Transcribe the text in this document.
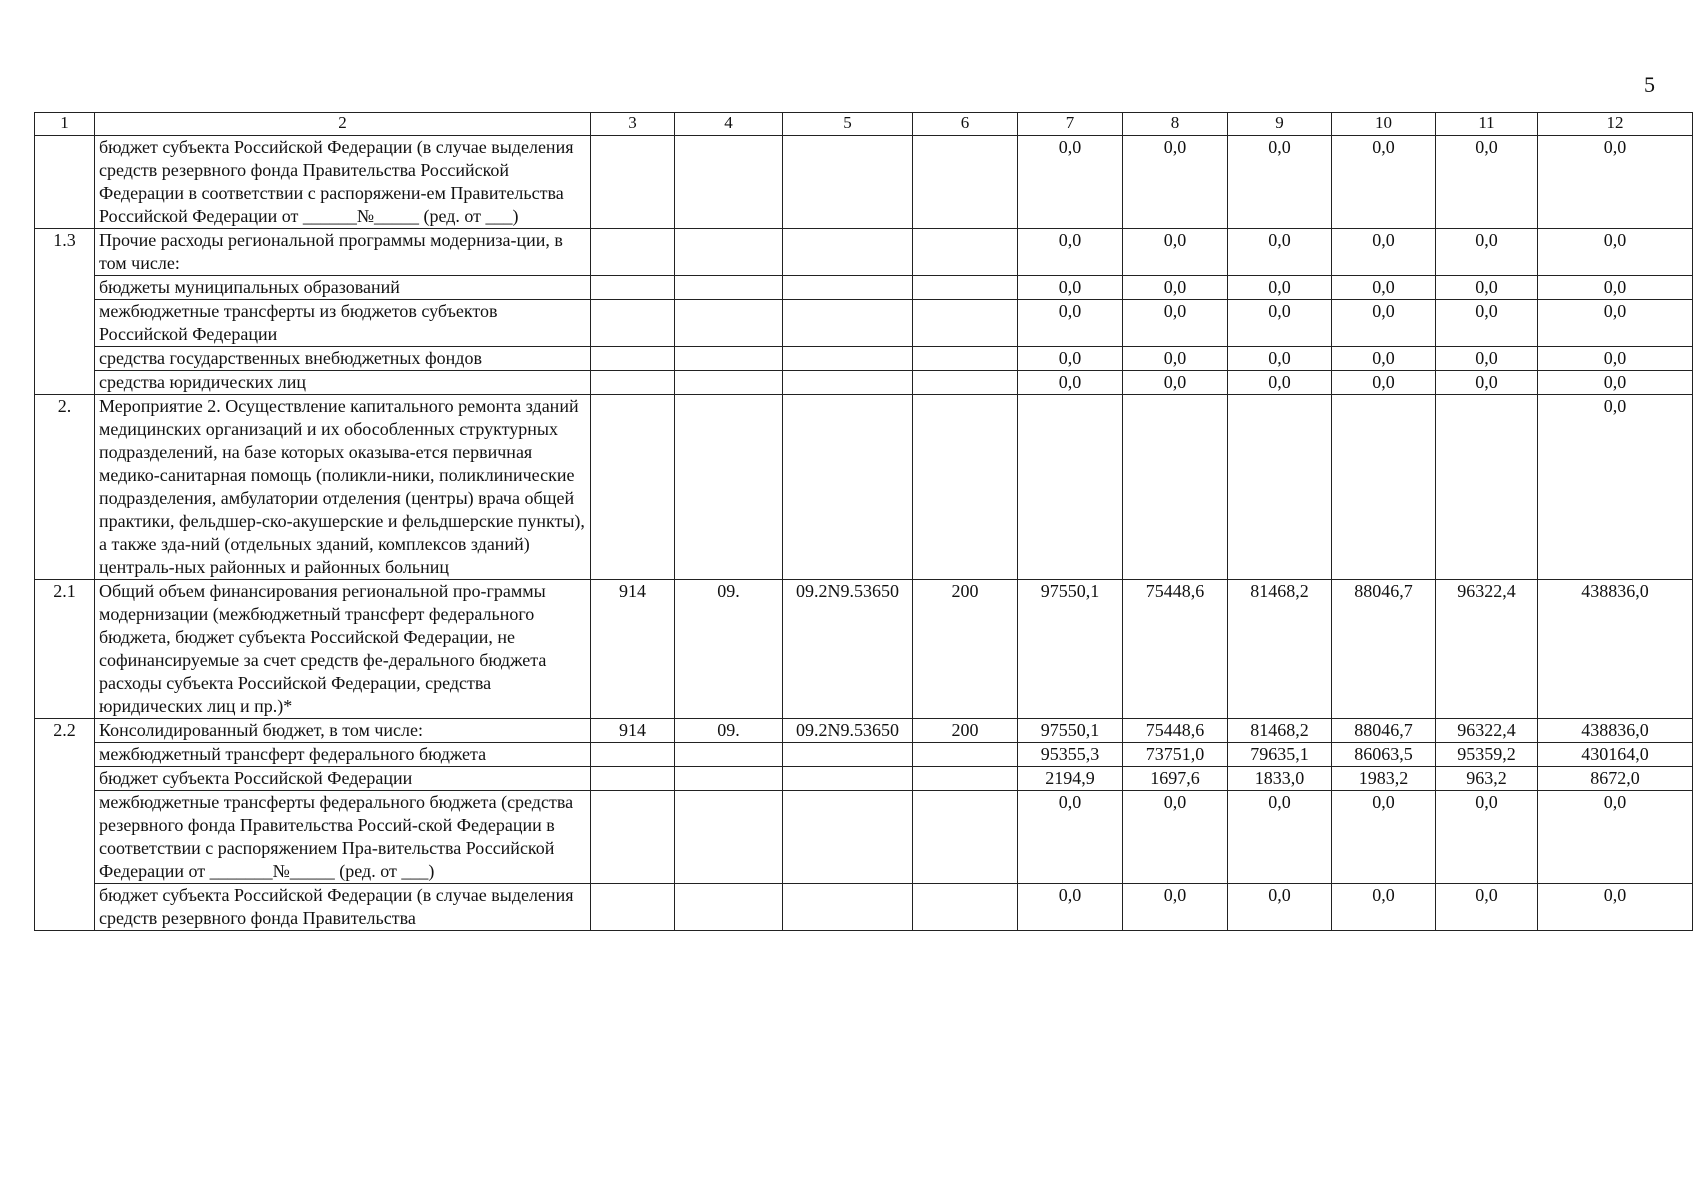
5
1	2	3	4	5	6	7	8	9	10	11	12
	бюджет субъекта Российской Федерации (в случае выделения средств резервного фонда Правительства Российской Федерации в соответствии с распоряжени-ем Правительства Российской Федерации от ______№_____ (ред. от ___)					0,0	0,0	0,0	0,0	0,0	0,0
1.3	Прочие расходы региональной программы модерниза-ции, в том числе:					0,0	0,0	0,0	0,0	0,0	0,0
	бюджеты муниципальных образований					0,0	0,0	0,0	0,0	0,0	0,0
	межбюджетные трансферты из бюджетов субъектов Российской Федерации					0,0	0,0	0,0	0,0	0,0	0,0
	средства государственных внебюджетных фондов					0,0	0,0	0,0	0,0	0,0	0,0
	средства юридических лиц					0,0	0,0	0,0	0,0	0,0	0,0
2.	Мероприятие 2. Осуществление капитального ремонта зданий медицинских организаций и их обособленных структурных подразделений, на базе которых оказыва-ется первичная медико-санитарная помощь (поликли-ники, поликлинические подразделения, амбулатории отделения (центры) врача общей практики, фельдшер-ско-акушерские и фельдшерские пункты), а также зда-ний (отдельных зданий, комплексов зданий) централь-ных районных и районных больниц										0,0
2.1	Общий объем финансирования региональной про-граммы модернизации (межбюджетный трансферт федерального бюджета, бюджет субъекта Российской Федерации, не софинансируемые за счет средств фе-дерального бюджета расходы субъекта Российской Федерации, средства юридических лиц и пр.)*	914	09.	09.2N9.53650	200	97550,1	75448,6	81468,2	88046,7	96322,4	438836,0
2.2	Консолидированный бюджет, в том числе:	914	09.	09.2N9.53650	200	97550,1	75448,6	81468,2	88046,7	96322,4	438836,0
	межбюджетный трансферт федерального бюджета					95355,3	73751,0	79635,1	86063,5	95359,2	430164,0
	бюджет субъекта Российской Федерации					2194,9	1697,6	1833,0	1983,2	963,2	8672,0
	межбюджетные трансферты федерального бюджета (средства резервного фонда Правительства Россий-ской Федерации в соответствии с распоряжением Пра-вительства Российской Федерации от _______№_____ (ред. от ___)					0,0	0,0	0,0	0,0	0,0	0,0
	бюджет субъекта Российской Федерации (в случае выделения средств резервного фонда Правительства					0,0	0,0	0,0	0,0	0,0	0,0
